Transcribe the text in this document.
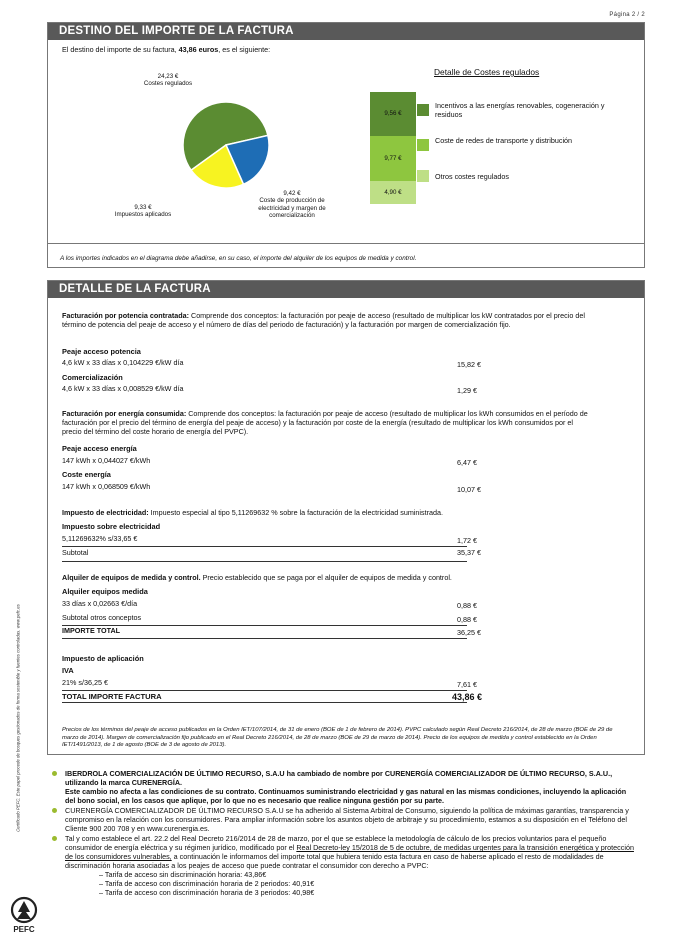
Página 2 / 2
Certificado PEFC. Este papel procede de bosques gestionados de forma sostenible y fuentes controladas. www.pefc.es
PEFC
DESTINO DEL IMPORTE DE LA FACTURA
El destino del importe de su factura, 43,86 euros, es el siguiente:
24,23 €
Costes regulados
9,42 €
Coste de producción de electricidad y margen de comercialización
9,33 €
Impuestos aplicados
Detalle de Costes regulados
9,56 €
9,77 €
4,90 €
Incentivos a las energías renovables, cogeneración y residuos
Coste de redes de transporte y distribución
Otros costes regulados
A los importes indicados en el diagrama debe añadirse, en su caso, el importe del alquiler de los equipos de medida y control.
DETALLE DE LA FACTURA
Facturación por potencia contratada: Comprende dos conceptos: la facturación por peaje de acceso (resultado de multiplicar los kW contratados por el precio del término de potencia del peaje de acceso y el número de días del periodo de facturación) y la facturación por margen de comercialización fijo.
Peaje acceso potencia
4,6 kW x 33 días x 0,104229 €/kW día	15,82 €
Comercialización
4,6 kW x 33 días x 0,008529 €/kW día	1,29 €
Facturación por energía consumida: Comprende dos conceptos: la facturación por peaje de acceso (resultado de multiplicar los kWh consumidos en el período de facturación por el precio del término de energía del peaje de acceso) y la facturación por coste de la energía (resultado de multiplicar los kWh consumidos por el precio del término del coste horario de energía del PVPC).
Peaje acceso energía
147 kWh x 0,044027 €/kWh	6,47 €
Coste energía
147 kWh x 0,068509 €/kWh	10,07 €
Impuesto de electricidad: Impuesto especial al tipo 5,11269632 % sobre la facturación de la electricidad suministrada.
Impuesto sobre electricidad
5,11269632% s/33,65 €	1,72 €
Subtotal	35,37 €
Alquiler de equipos de medida y control. Precio establecido que se paga por el alquiler de equipos de medida y control.
Alquiler equipos medida
33 días x 0,02663 €/día	0,88 €
Subtotal otros conceptos	0,88 €
IMPORTE TOTAL	36,25 €
Impuesto de aplicación
IVA
21% s/36,25 €	7,61 €
TOTAL IMPORTE FACTURA	43,86 €
Precios de los términos del peaje de acceso publicados en la Orden IET/107/2014, de 31 de enero (BOE de 1 de febrero de 2014). PVPC calculado según Real Decreto 216/2014, de 28 de marzo (BOE de 29 de marzo de 2014). Margen de comercialización fijo publicado en el Real Decreto 216/2014, de 28 de marzo (BOE de 29 de marzo de 2014). Precio de los equipos de medida y control establecido en la Orden IET/1491/2013, de 1 de agosto (BOE de 3 de agosto de 2013).
IBERDROLA COMERCIALIZACIÓN DE ÚLTIMO RECURSO, S.A.U ha cambiado de nombre por CURENERGÍA COMERCIALIZADOR DE ÚLTIMO RECURSO, S.A.U., utilizando la marca CURENERGÍA.
Este cambio no afecta a las condiciones de su contrato. Continuamos suministrando electricidad y gas natural en las mismas condiciones, incluyendo la aplicación del bono social, en los casos que aplique, por lo que no es necesario que realice ninguna gestión por su parte.
CURENERGÍA COMERCIALIZADOR DE ÚLTIMO RECURSO S.A.U se ha adherido al Sistema Arbitral de Consumo, siguiendo la política de máximas garantías, transparencia y compromiso en la relación con los consumidores. Para ampliar información sobre los asuntos objeto de arbitraje y su procedimiento, estamos a su disposición en el Teléfono del Cliente 900 200 708 y en www.curenergia.es.
Tal y como establece el art. 22.2 del Real Decreto 216/2014 de 28 de marzo, por el que se establece la metodología de cálculo de los precios voluntarios para el pequeño consumidor de energía eléctrica y su régimen jurídico, modificado por el Real Decreto-ley 15/2018 de 5 de octubre, de medidas urgentes para la transición energética y protección de los consumidores vulnerables, a continuación le informamos del importe total que hubiera tenido esta factura en caso de haberse aplicado el resto de modalidades de discriminación horaria asociadas a los peajes de acceso que puede contratar el consumidor con derecho a PVPC:
– Tarifa de acceso sin discriminación horaria: 43,86€
– Tarifa de acceso con discriminación horaria de 2 periodos: 40,91€
– Tarifa de acceso con discriminación horaria de 3 periodos: 40,98€
